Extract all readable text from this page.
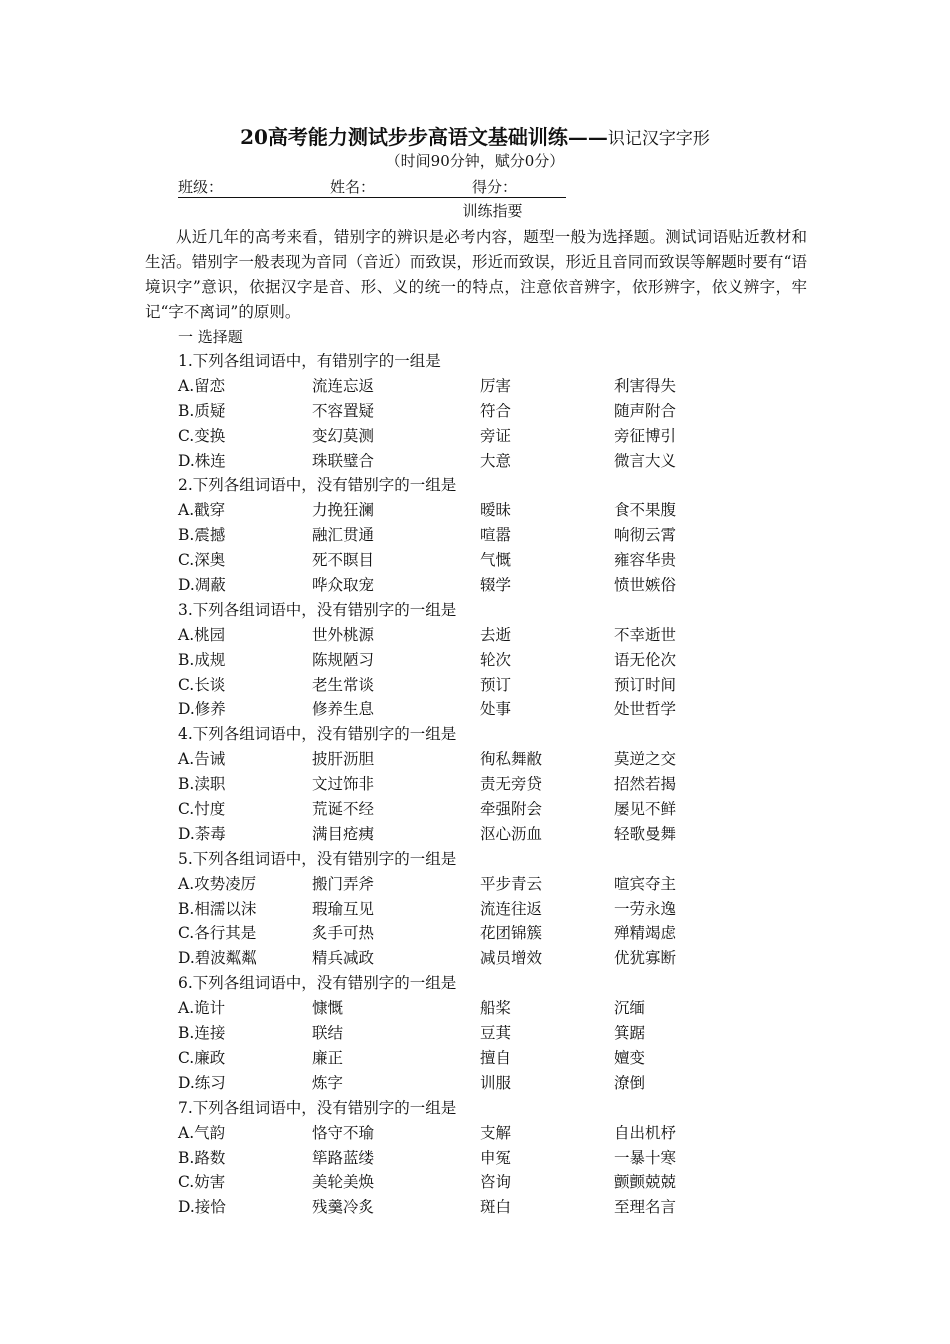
20高考能力测试步步高语文基础训练——识记汉字字形
（时间90分钟，赋分0分）
班级：	姓名：	得分：
训练指要

从近几年的高考来看，错别字的辨识是必考内容，题型一般为选择题。测试词语贴近教材和生活。错别字一般表现为音同（音近）而致误，形近而致误，形近且音同而致误等解题时要有“语境识字”意识，依据汉字是音、形、义的统一的特点，注意依音辨字，依形辨字，依义辨字，牢记“字不离词”的原则。

一 选择题
1.下列各组词语中，有错别字的一组是
A.留恋	流连忘返	厉害	利害得失
B.质疑	不容置疑	符合	随声附合
C.变换	变幻莫测	旁证	旁征博引
D.株连	珠联璧合	大意	微言大义
2.下列各组词语中，没有错别字的一组是
A.戳穿	力挽狂澜	暧昧	食不果腹
B.震撼	融汇贯通	喧嚣	响彻云霄
C.深奥	死不瞑目	气慨	雍容华贵
D.凋蔽	哗众取宠	辍学	愤世嫉俗
3.下列各组词语中，没有错别字的一组是
A.桃园	世外桃源	去逝	不幸逝世
B.成规	陈规陋习	轮次	语无伦次
C.长谈	老生常谈	预订	预订时间
D.修养	修养生息	处事	处世哲学
4.下列各组词语中，没有错别字的一组是
A.告诫	披肝沥胆	徇私舞敝	莫逆之交
B.渎职	文过饰非	责无旁贷	招然若揭
C.忖度	荒诞不经	牵强附会	屡见不鲜
D.荼毒	满目疮痍	沤心沥血	轻歌曼舞
5.下列各组词语中，没有错别字的一组是
A.攻势凌厉	搬门弄斧	平步青云	喧宾夺主
B.相濡以沫	瑕瑜互见	流连往返	一劳永逸
C.各行其是	炙手可热	花团锦簇	殚精竭虑
D.碧波粼粼	精兵减政	减员增效	优犹寡断
6.下列各组词语中，没有错别字的一组是
A.诡计	慷慨	船桨	沉缅
B.连接	联结	豆萁	箕踞
C.廉政	廉正	擅自	嬗变
D.练习	炼字	训服	潦倒
7.下列各组词语中，没有错别字的一组是
A.气韵	恪守不瑜	支解	自出机杼
B.路数	筚路蓝缕	申冤	一暴十寒
C.妨害	美轮美焕	咨询	颤颤兢兢
D.接恰	残羹冷炙	斑白	至理名言
